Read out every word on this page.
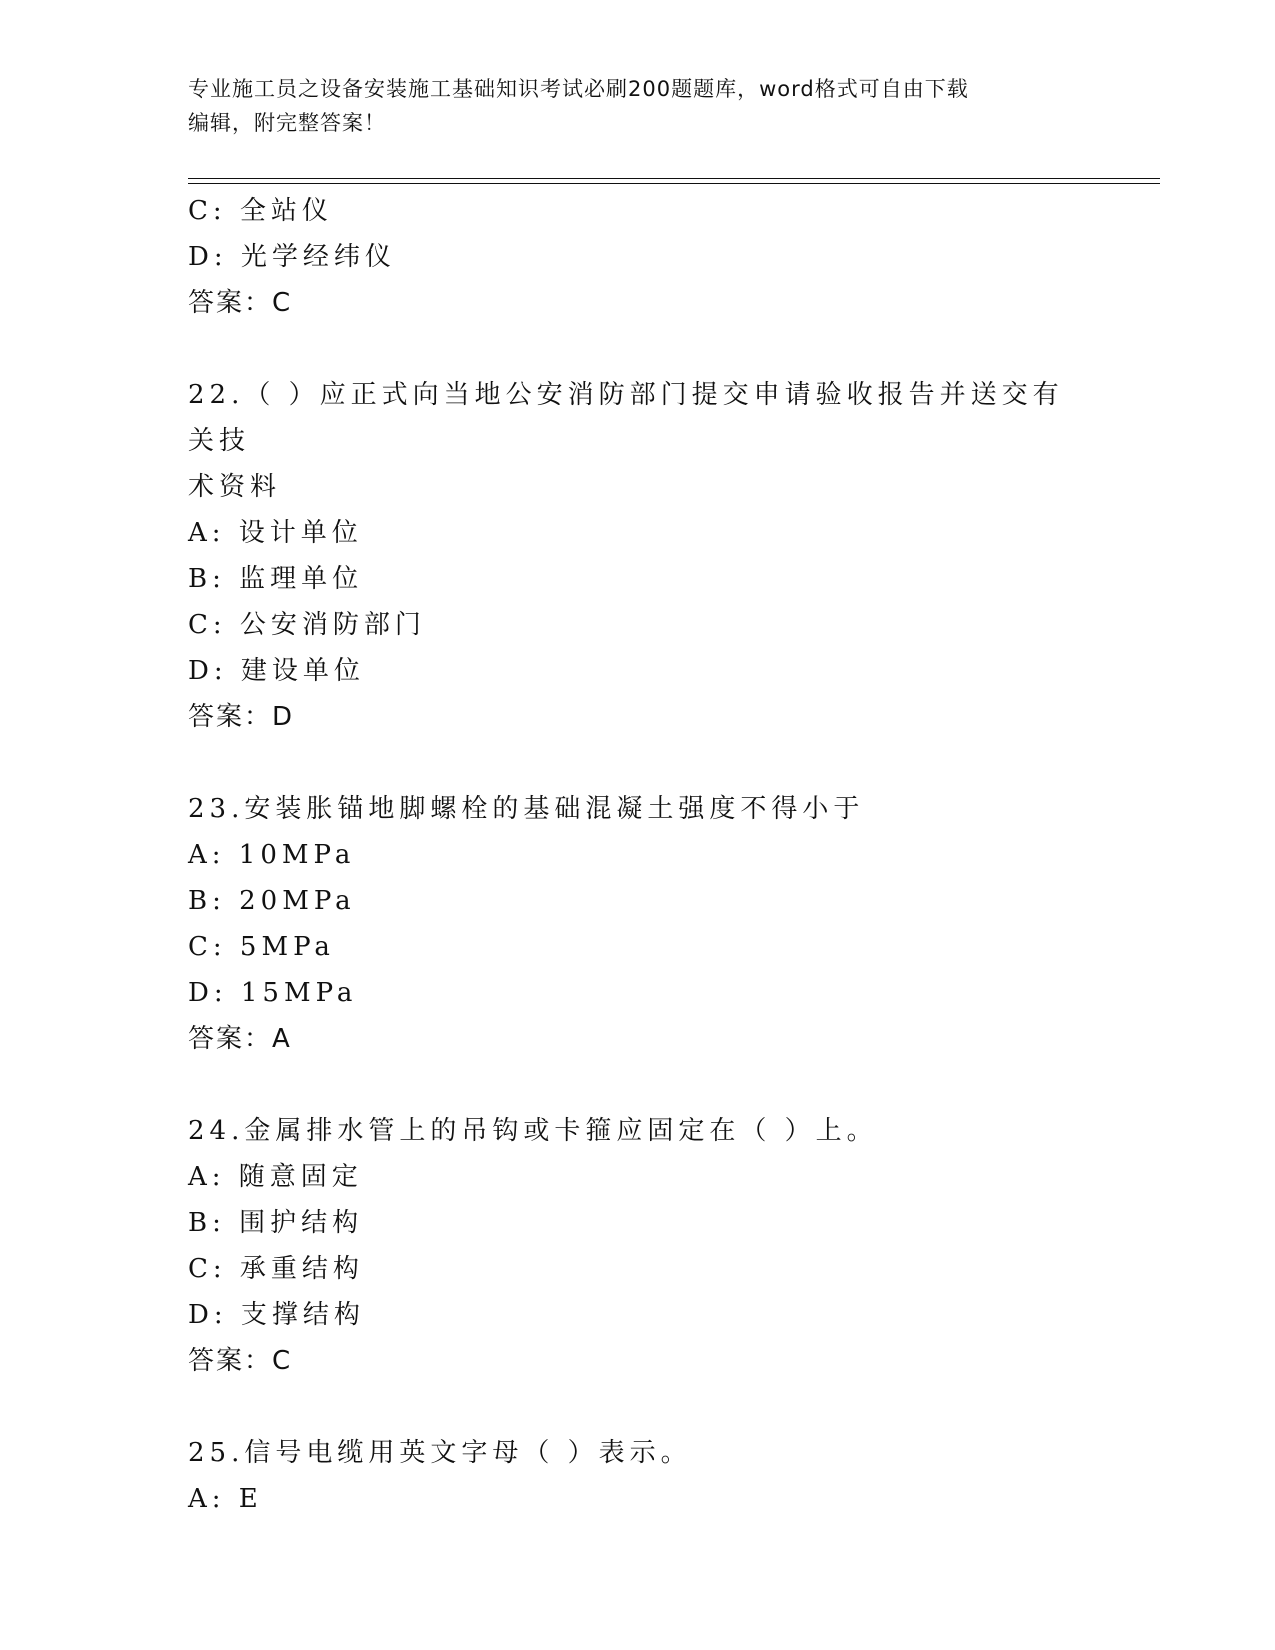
专业施工员之设备安装施工基础知识考试必刷200题题库，word格式可自由下载
编辑，附完整答案！
C: 全站仪
D: 光学经纬仪
答案：C
22.（ ）应正式向当地公安消防部门提交申请验收报告并送交有关技
术资料
A: 设计单位
B: 监理单位
C: 公安消防部门
D: 建设单位
答案：D
23.安装胀锚地脚螺栓的基础混凝土强度不得小于
A: 10MPa
B: 20MPa
C: 5MPa
D: 15MPa
答案：A
24.金属排水管上的吊钩或卡箍应固定在（ ）上。
A: 随意固定
B: 围护结构
C: 承重结构
D: 支撑结构
答案：C
25.信号电缆用英文字母（ ）表示。
A: E
